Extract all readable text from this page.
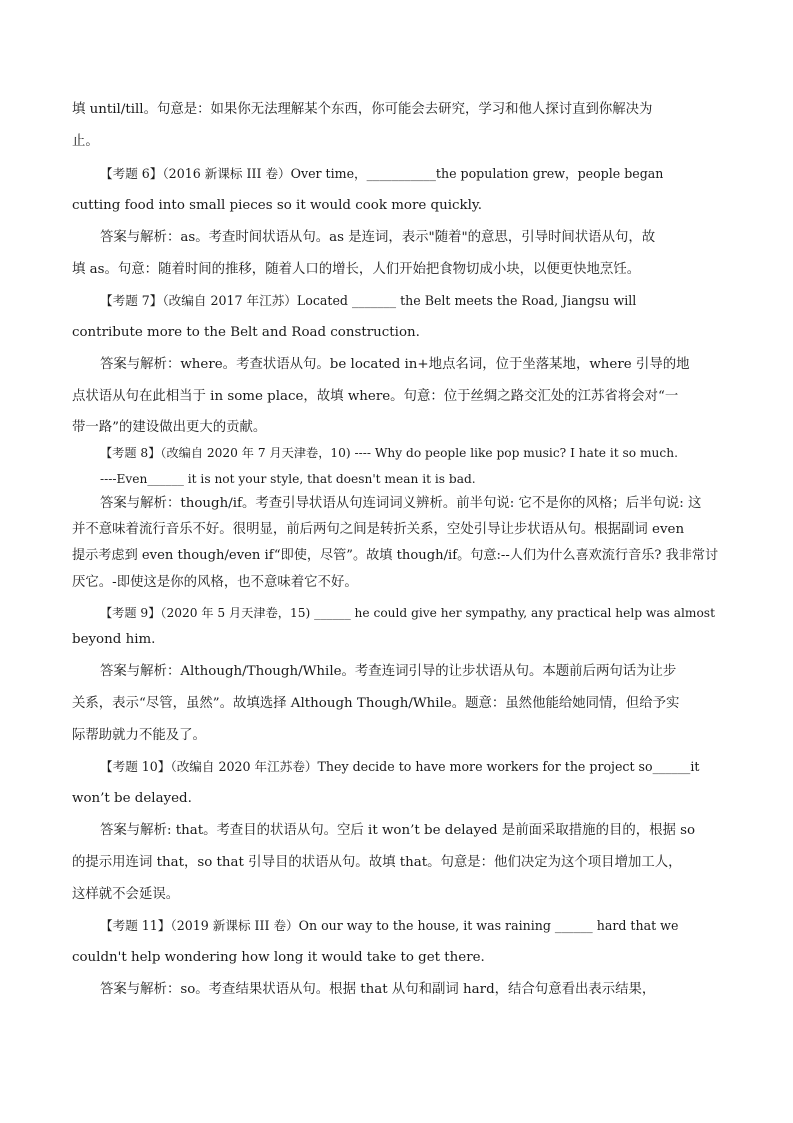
填 until/till。句意是：如果你无法理解某个东西，你可能会去研究，学习和他人探讨直到你解决为
止。
【考题 6】（2016 新课标 III 卷）Over time，___________the population grew，people began
cutting food into small pieces so it would cook more quickly.
答案与解析：as。考查时间状语从句。as 是连词，表示"随着"的意思，引导时间状语从句，故
填 as。句意：随着时间的推移，随着人口的增长，人们开始把食物切成小块，以便更快地烹饪。
【考题 7】（改编自 2017 年江苏）Located _______ the Belt meets the Road, Jiangsu will
contribute more to the Belt and Road construction.
答案与解析：where。考查状语从句。be located in+地点名词，位于坐落某地，where 引导的地
点状语从句在此相当于 in some place，故填 where。句意：位于丝绸之路交汇处的江苏省将会对“一
带一路”的建设做出更大的贡献。
【考题 8】（改编自 2020 年 7 月天津卷，10) ---- Why do people like pop music? I hate it so much.
----Even______ it is not your style, that doesn't mean it is bad.
答案与解析：though/if。考查引导状语从句连词词义辨析。前半句说: 它不是你的风格；后半句说: 这
并不意味着流行音乐不好。很明显，前后两句之间是转折关系，空处引导让步状语从句。根据副词 even
提示考虑到 even though/even if“即使，尽管”。故填 though/if。句意:--人们为什么喜欢流行音乐? 我非常讨
厌它。-即使这是你的风格，也不意味着它不好。
【考题 9】（2020 年 5 月天津卷，15) ______ he could give her sympathy, any practical help was almost
beyond him.
答案与解析：Although/Though/While。考查连词引导的让步状语从句。本题前后两句话为让步
关系，表示“尽管，虽然”。故填选择 Although Though/While。题意：虽然他能给她同情，但给予实
际帮助就力不能及了。
【考题 10】（改编自 2020 年江苏卷）They decide to have more workers for the project so______it
won’t be delayed.
答案与解析: that。考查目的状语从句。空后 it won’t be delayed 是前面采取措施的目的，根据 so
的提示用连词 that，so that 引导目的状语从句。故填 that。句意是：他们决定为这个项目增加工人，
这样就不会延误。
【考题 11】（2019 新课标 III 卷）On our way to the house, it was raining ______ hard that we
couldn't help wondering how long it would take to get there.
答案与解析：so。考查结果状语从句。根据 that 从句和副词 hard，结合句意看出表示结果，
